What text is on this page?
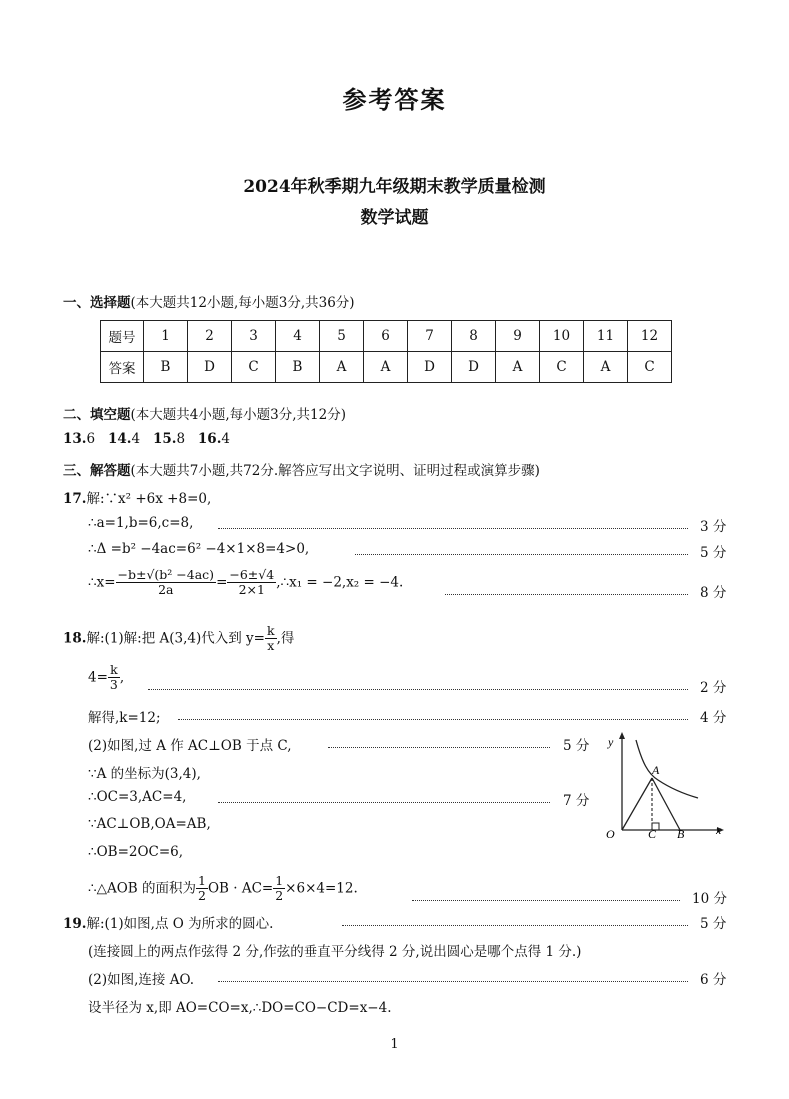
参考答案
2024年秋季期九年级期末教学质量检测
数学试题
一、选择题(本大题共12小题,每小题3分,共36分)
题号	1	2	3	4	5	6	7	8	9	10	11	12
答案	B	D	C	B	A	A	D	D	A	C	A	C
二、填空题(本大题共4小题,每小题3分,共12分)
13.6 14.4 15.8 16.4
三、解答题(本大题共7小题,共72分.解答应写出文字说明、证明过程或演算步骤)
17.解:∵x² +6x +8=0,
∴a=1,b=6,c=8,	3 分
∴Δ =b² −4ac=6² −4×1×8=4>0,	5 分
∴x= $\frac{\text{−b±√(b² −4ac)}}{2a} = \frac{-6\pm√4}{2\times 1}$ ,∴x₁ = −2,x₂ = −4.
8 分
18.解:(1)解:把 A(3,4)代入到 $y= \frac{k}{x}$ ,得
$4= \frac{k}{3}$ ,
2 分
解得,k=12;	4 分
(2)如图,过 A 作 AC⊥OB 于点 C,	5 分
∵A 的坐标为(3,4),
∴OC=3,AC=4,	7 分
∵AC⊥OB,OA=AB,
∴OB=2OC=6,
∴△AOB 的面积为 $\frac{1}{2}$ OB · $AC= \frac{1}{2} \times 6\times 4=12$.
10 分
y
x
O
A
C B
19.解:(1)如图,点 O 为所求的圆心.	5 分
(连接圆上的两点作弦得 2 分,作弦的垂直平分线得 2 分,说出圆心是哪个点得 1 分.)
(2)如图,连接 AO.	6 分
设半径为 x,即 AO=CO=x,∴DO=CO−CD=x−4.
1
